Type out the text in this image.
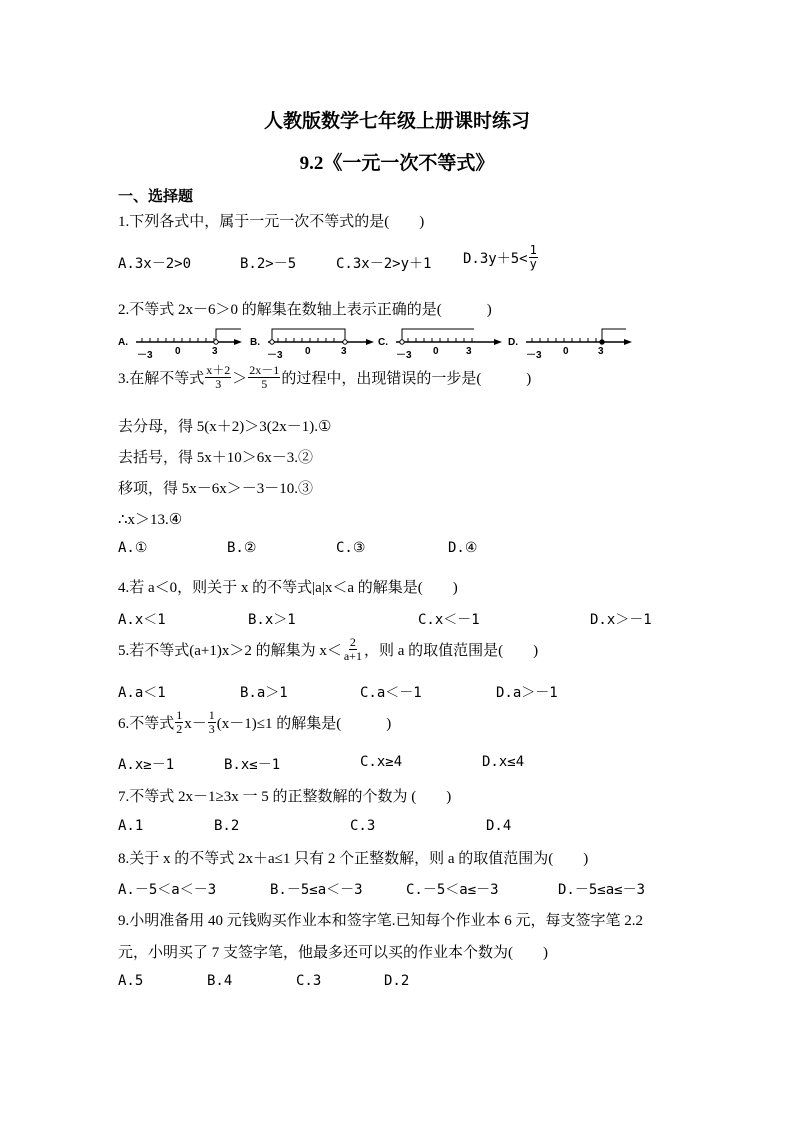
人教版数学七年级上册课时练习
9.2《一元一次不等式》
一、选择题
1.下列各式中，属于一元一次不等式的是(　　)
A.3x－2>0	B.2>－5	C.3x－2>y＋1 $D.3y+5< \frac{1}{y}$
2.不等式 2x－6＞0 的解集在数轴上表示正确的是(　　　)
A.
－3 0	3
B.
－3 0	3
C.
－3 0	3
D.
－3 0	3
3.在解不等式 $\frac{x+2}{3} > \frac{2x-1}{5}$ 的过程中，出现错误的一步是(　　　)
去分母，得 5(x＋2)＞3(2x－1).①
去括号，得 5x＋10＞6x－3.②
移项，得 5x－6x＞－3－10.③
∴x＞13.④
A.①	B.②	C.③	D.④
4.若 a＜0，则关于 x 的不等式|a|x＜a 的解集是(　　)
A.x＜1	B.x＞1	C.x＜－1	D.x＞－1
5.若不等式(a+1)x＞2 的解集为 $x< \frac{2}{a+1}$ ，则 a 的取值范围是(　　)
A.a＜1	B.a＞1	C.a＜－1	D.a＞－1
6.不等式 $\frac{1}{2} x- \frac{1}{3} (x-1)\le 1$ 的解集是(　　　)
A.x≥－1	B.x≤－1	C.x≥4	D.x≤4
7.不等式 2x－1≥3x 一 5 的正整数解的个数为 (　　)
A.1	B.2	C.3	D.4
8.关于 x 的不等式 2x＋a≤1 只有 2 个正整数解，则 a 的取值范围为(　　)
A.－5＜a＜－3	B.－5≤a＜－3	C.－5＜a≤－3	D.－5≤a≤－3
9.小明准备用 40 元钱购买作业本和签字笔.已知每个作业本 6 元，每支签字笔 2.2
元，小明买了 7 支签字笔，他最多还可以买的作业本个数为(　　)
A.5	B.4	C.3	D.2
